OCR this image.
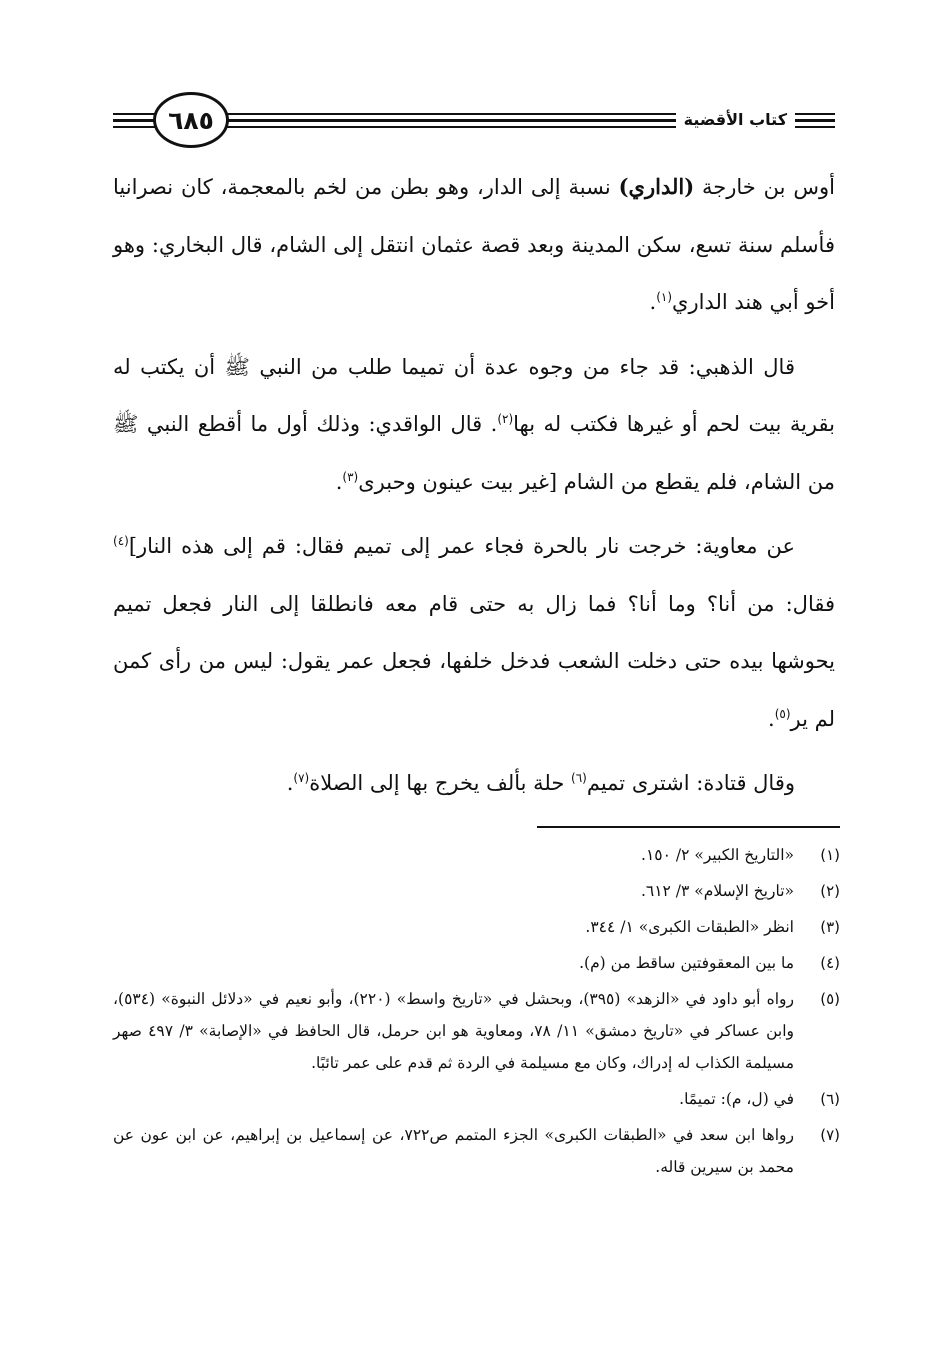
٦٨٥	كتاب الأقضية

أوس بن خارجة (الداري) نسبة إلى الدار، وهو بطن من لخم بالمعجمة، كان نصرانيا فأسلم سنة تسع، سكن المدينة وبعد قصة عثمان انتقل إلى الشام، قال البخاري: وهو أخو أبي هند الداري$^{(١)}$.

قال الذهبي: قد جاء من وجوه عدة أن تميما طلب من النبي ﷺ أن يكتب له بقرية بيت لحم أو غيرها فكتب له بها$^{(٢)}$. قال الواقدي: وذلك أول ما أقطع النبي ﷺ من الشام، فلم يقطع من الشام [غير بيت عينون وحبرى$^{(٣)}$.

عن معاوية: خرجت نار بالحرة فجاء عمر إلى تميم فقال: قم إلى هذه النار]$^{(٤)}$ فقال: من أنا؟ وما أنا؟ فما زال به حتى قام معه فانطلقا إلى النار فجعل تميم يحوشها بيده حتى دخلت الشعب فدخل خلفها، فجعل عمر يقول: ليس من رأى كمن لم ير$^{(٥)}$.

وقال قتادة: اشترى تميم$^{(٦)}$ حلة بألف يخرج بها إلى الصلاة$^{(٧)}$.

(١)
«التاريخ الكبير» ٢/ ١٥٠.
(٢)
«تاريخ الإسلام» ٣/ ٦١٢.
(٣)
انظر «الطبقات الكبرى» ١/ ٣٤٤.
(٤)
ما بين المعقوفتين ساقط من (م).
(٥)
رواه أبو داود في «الزهد» (٣٩٥)، وبحشل في «تاريخ واسط» (٢٢٠)، وأبو نعيم في «دلائل النبوة» (٥٣٤)، وابن عساكر في «تاريخ دمشق» ١١/ ٧٨، ومعاوية هو ابن حرمل، قال الحافظ في «الإصابة» ٣/ ٤٩٧ صهر مسيلمة الكذاب له إدراك، وكان مع مسيلمة في الردة ثم قدم على عمر تائبًا.
(٦)
في (ل، م): تميمًا.
(٧)
رواها ابن سعد في «الطبقات الكبرى» الجزء المتمم ص٧٢٢، عن إسماعيل بن إبراهيم، عن ابن عون عن محمد بن سيرين قاله.
